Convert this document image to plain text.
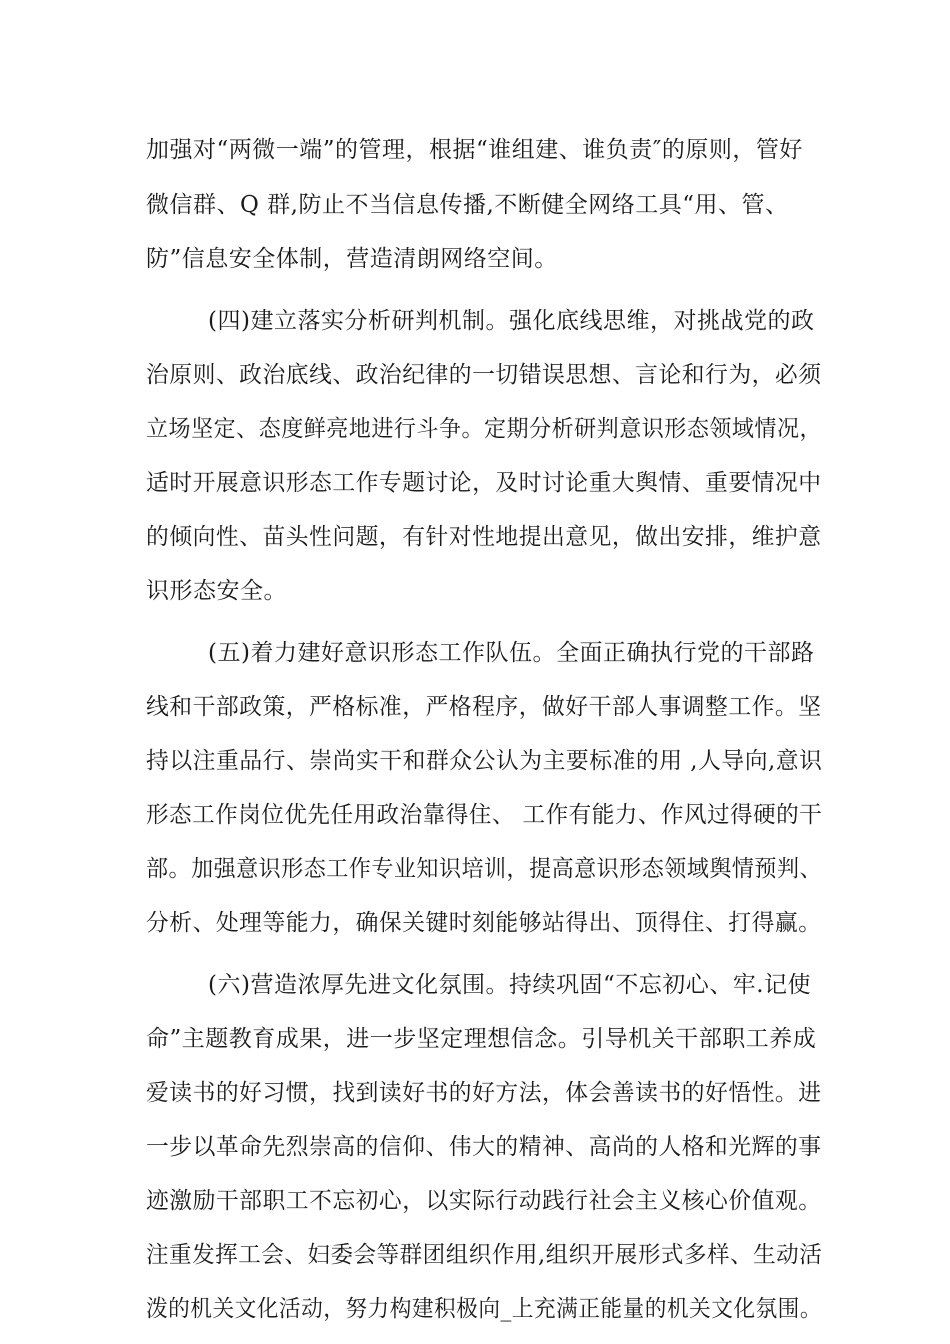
加强对“两微一端”的管理，根据“谁组建、谁负责″的原则，管好
微信群、Q 群,防止不当信息传播,不断健全网络工具“用、管、
防”信息安全体制，营造清朗网络空间。
(四)建立落实分析研判机制。强化底线思维，对挑战党的政
治原则、政治底线、政治纪律的一切错误思想、言论和行为，必须
立场坚定、态度鲜亮地进行斗争。定期分析研判意识形态领域情况，
适时开展意识形态工作专题讨论，及时讨论重大舆情、重要情况中
的倾向性、苗头性问题，有针对性地提出意见，做出安排，维护意
识形态安全。
(五)着力建好意识形态工作队伍。全面正确执行党的干部路
线和干部政策，严格标准，严格程序，做好干部人事调整工作。坚
持以注重品行、崇尚实干和群众公认为主要标准的用 ,人导向,意识
形态工作岗位优先任用政治靠得住、 工作有能力、作风过得硬的干
部。加强意识形态工作专业知识培训，提高意识形态领域舆情预判、
分析、处理等能力，确保关键时刻能够站得出、顶得住、打得赢。
(六)营造浓厚先进文化氛围。持续巩固“不忘初心、牢.记使
命”主题教育成果，进一步坚定理想信念。引导机关干部职工养成
爱读书的好习惯，找到读好书的好方法，体会善读书的好悟性。进
一步以革命先烈崇高的信仰、伟大的精神、高尚的人格和光辉的事
迹激励干部职工不忘初心，以实际行动践行社会主义核心价值观。
注重发挥工会、妇委会等群团组织作用,组织开展形式多样、生动活
泼的机关文化活动，努力构建积极向_上充满正能量的机关文化氛围。
